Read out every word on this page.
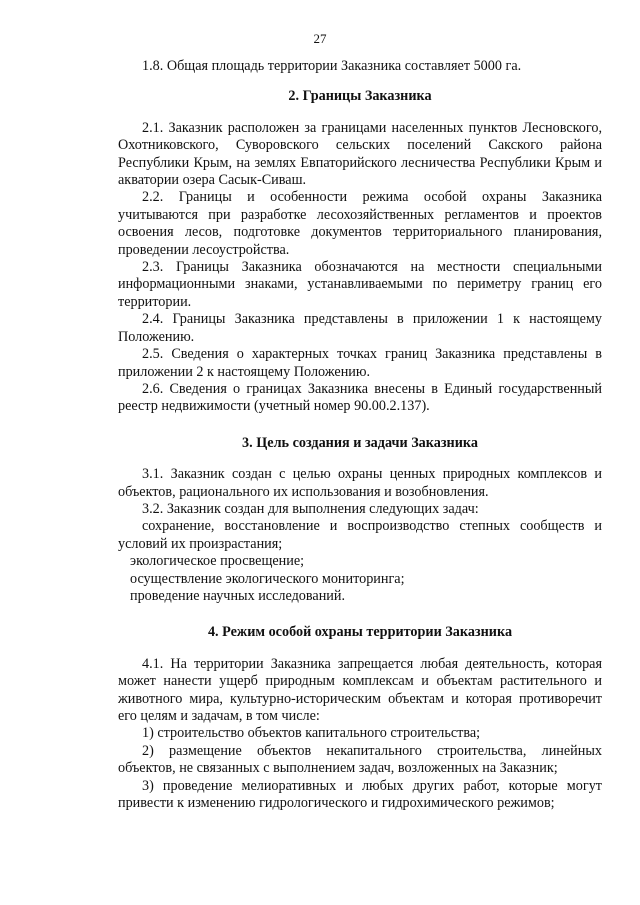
27

1.8. Общая площадь территории Заказника составляет 5000 га.

2. Границы Заказника

2.1. Заказник расположен за границами населенных пунктов Лесновского, Охотниковского, Суворовского сельских поселений Сакского района Республики Крым, на землях Евпаторийского лесничества Республики Крым и акватории озера Сасык-Сиваш.

2.2. Границы и особенности режима особой охраны Заказника учитываются при разработке лесохозяйственных регламентов и проектов освоения лесов, подготовке документов территориального планирования, проведении лесоустройства.

2.3. Границы Заказника обозначаются на местности специальными информационными знаками, устанавливаемыми по периметру границ его территории.

2.4. Границы Заказника представлены в приложении 1 к настоящему Положению.

2.5. Сведения о характерных точках границ Заказника представлены в приложении 2 к настоящему Положению.

2.6. Сведения о границах Заказника внесены в Единый государственный реестр недвижимости (учетный номер 90.00.2.137).

3. Цель создания и задачи Заказника

3.1. Заказник создан с целью охраны ценных природных комплексов и объектов, рационального их использования и возобновления.

3.2. Заказник создан для выполнения следующих задач:

сохранение, восстановление и воспроизводство степных сообществ и условий их произрастания;

экологическое просвещение;

осуществление экологического мониторинга;

проведение научных исследований.

4. Режим особой охраны территории Заказника

4.1. На территории Заказника запрещается любая деятельность, которая может нанести ущерб природным комплексам и объектам растительного и животного мира, культурно-историческим объектам и которая противоречит его целям и задачам, в том числе:

1) строительство объектов капитального строительства;

2) размещение объектов некапитального строительства, линейных объектов, не связанных с выполнением задач, возложенных на Заказник;

3) проведение мелиоративных и любых других работ, которые могут привести к изменению гидрологического и гидрохимического режимов;
